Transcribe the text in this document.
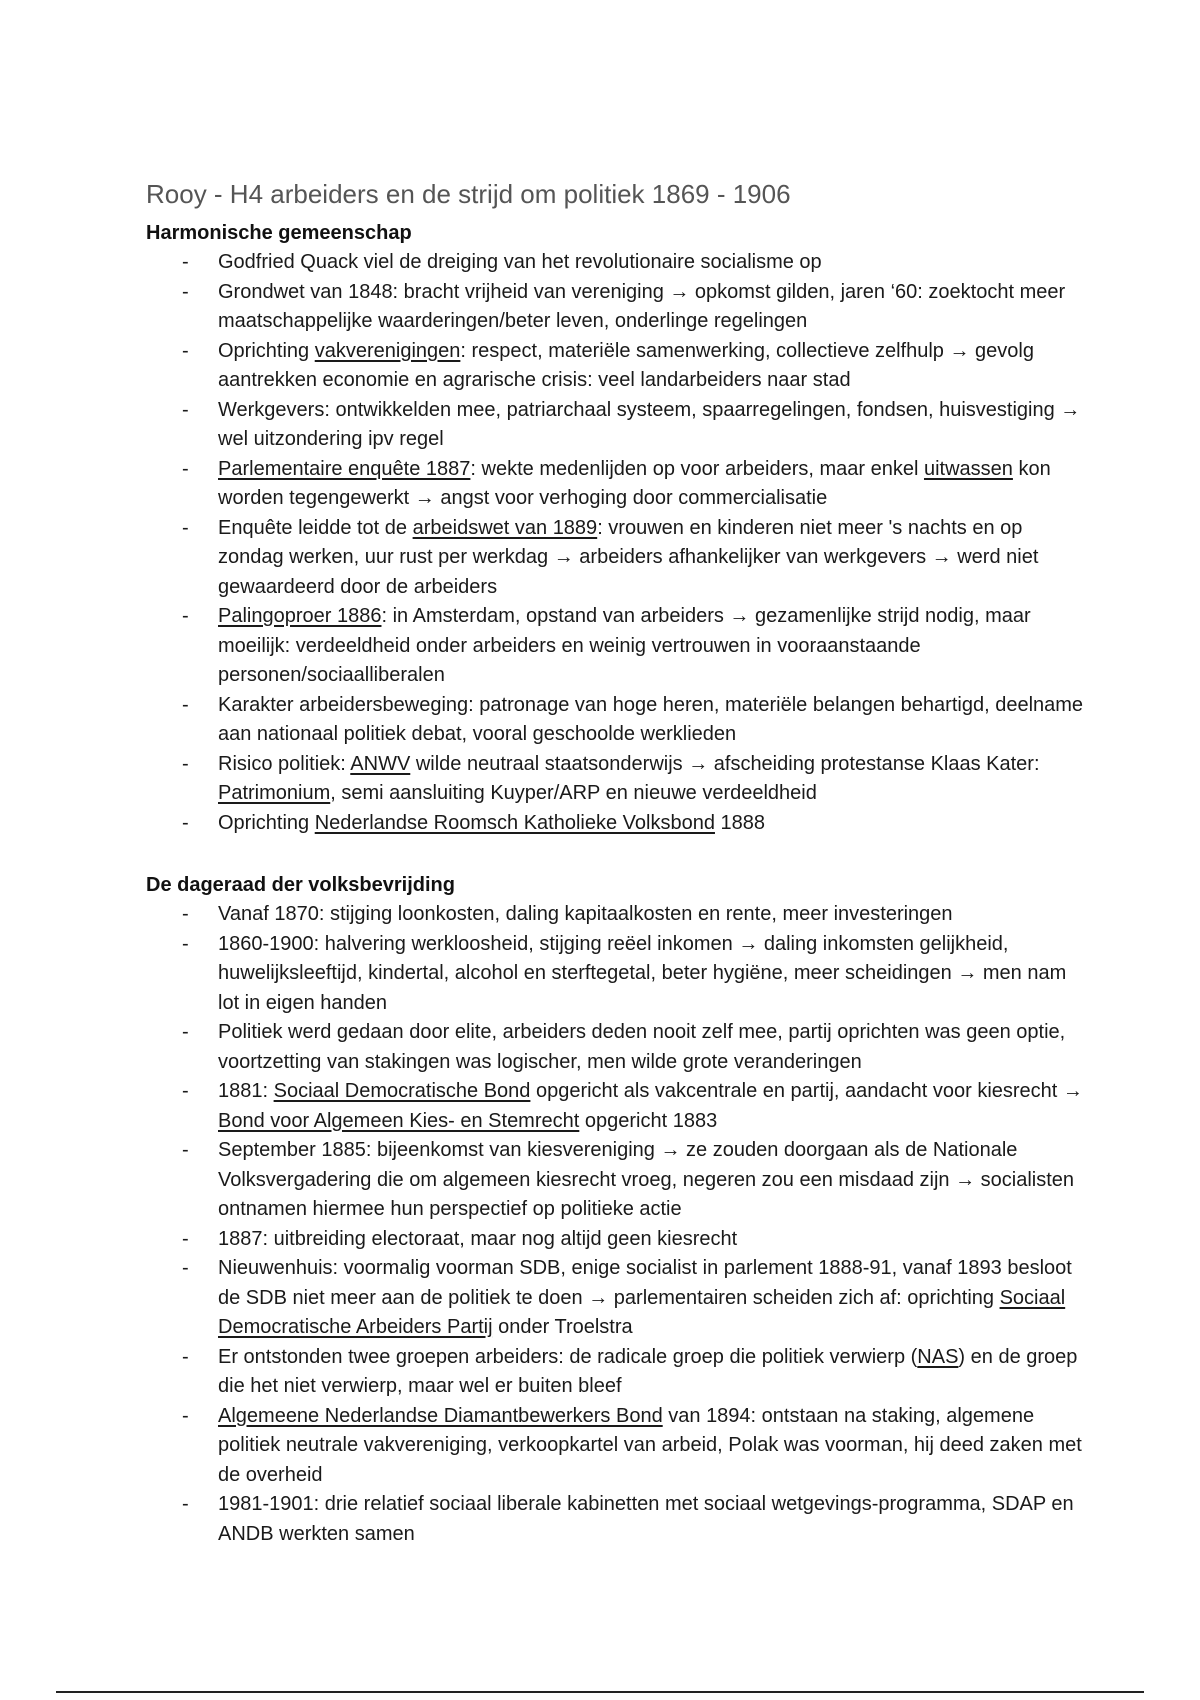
Rooy - H4 arbeiders en de strijd om politiek 1869 - 1906
Harmonische gemeenschap
-	Godfried Quack viel de dreiging van het revolutionaire socialisme op
-	Grondwet van 1848: bracht vrijheid van vereniging → opkomst gilden, jaren ‘60: zoektocht meer maatschappelijke waarderingen/beter leven, onderlinge regelingen
-	Oprichting vakverenigingen: respect, materiële samenwerking, collectieve zelfhulp → gevolg aantrekken economie en agrarische crisis: veel landarbeiders naar stad
-	Werkgevers: ontwikkelden mee, patriarchaal systeem, spaarregelingen, fondsen, huisvestiging → wel uitzondering ipv regel
-	Parlementaire enquête 1887: wekte medenlijden op voor arbeiders, maar enkel uitwassen kon worden tegengewerkt → angst voor verhoging door commercialisatie
-	Enquête leidde tot de arbeidswet van 1889: vrouwen en kinderen niet meer 's nachts en op zondag werken, uur rust per werkdag → arbeiders afhankelijker van werkgevers → werd niet gewaardeerd door de arbeiders
-	Palingoproer 1886: in Amsterdam, opstand van arbeiders → gezamenlijke strijd nodig, maar moeilijk: verdeeldheid onder arbeiders en weinig vertrouwen in vooraanstaande personen/sociaalliberalen
-	Karakter arbeidersbeweging: patronage van hoge heren, materiële belangen behartigd, deelname aan nationaal politiek debat, vooral geschoolde werklieden
-	Risico politiek: ANWV wilde neutraal staatsonderwijs → afscheiding protestanse Klaas Kater: Patrimonium, semi aansluiting Kuyper/ARP en nieuwe verdeeldheid
-	Oprichting Nederlandse Roomsch Katholieke Volksbond 1888
De dageraad der volksbevrijding
-	Vanaf 1870: stijging loonkosten, daling kapitaalkosten en rente, meer investeringen
-	1860-1900: halvering werkloosheid, stijging reëel inkomen → daling inkomsten gelijkheid, huwelijksleeftijd, kindertal, alcohol en sterftegetal, beter hygiëne, meer scheidingen → men nam lot in eigen handen
-	Politiek werd gedaan door elite, arbeiders deden nooit zelf mee, partij oprichten was geen optie, voortzetting van stakingen was logischer, men wilde grote veranderingen
-	1881: Sociaal Democratische Bond opgericht als vakcentrale en partij, aandacht voor kiesrecht → Bond voor Algemeen Kies- en Stemrecht opgericht 1883
-	September 1885: bijeenkomst van kiesvereniging → ze zouden doorgaan als de Nationale Volksvergadering die om algemeen kiesrecht vroeg, negeren zou een misdaad zijn → socialisten ontnamen hiermee hun perspectief op politieke actie
-	1887: uitbreiding electoraat, maar nog altijd geen kiesrecht
-	Nieuwenhuis: voormalig voorman SDB, enige socialist in parlement 1888-91, vanaf 1893 besloot de SDB niet meer aan de politiek te doen → parlementairen scheiden zich af: oprichting Sociaal Democratische Arbeiders Partij onder Troelstra
-	Er ontstonden twee groepen arbeiders: de radicale groep die politiek verwierp (NAS) en de groep die het niet verwierp, maar wel er buiten bleef
-	Algemeene Nederlandse Diamantbewerkers Bond van 1894: ontstaan na staking, algemene politiek neutrale vakvereniging, verkoopkartel van arbeid, Polak was voorman, hij deed zaken met de overheid
-	1981-1901: drie relatief sociaal liberale kabinetten met sociaal wetgevings-programma, SDAP en ANDB werkten samen
